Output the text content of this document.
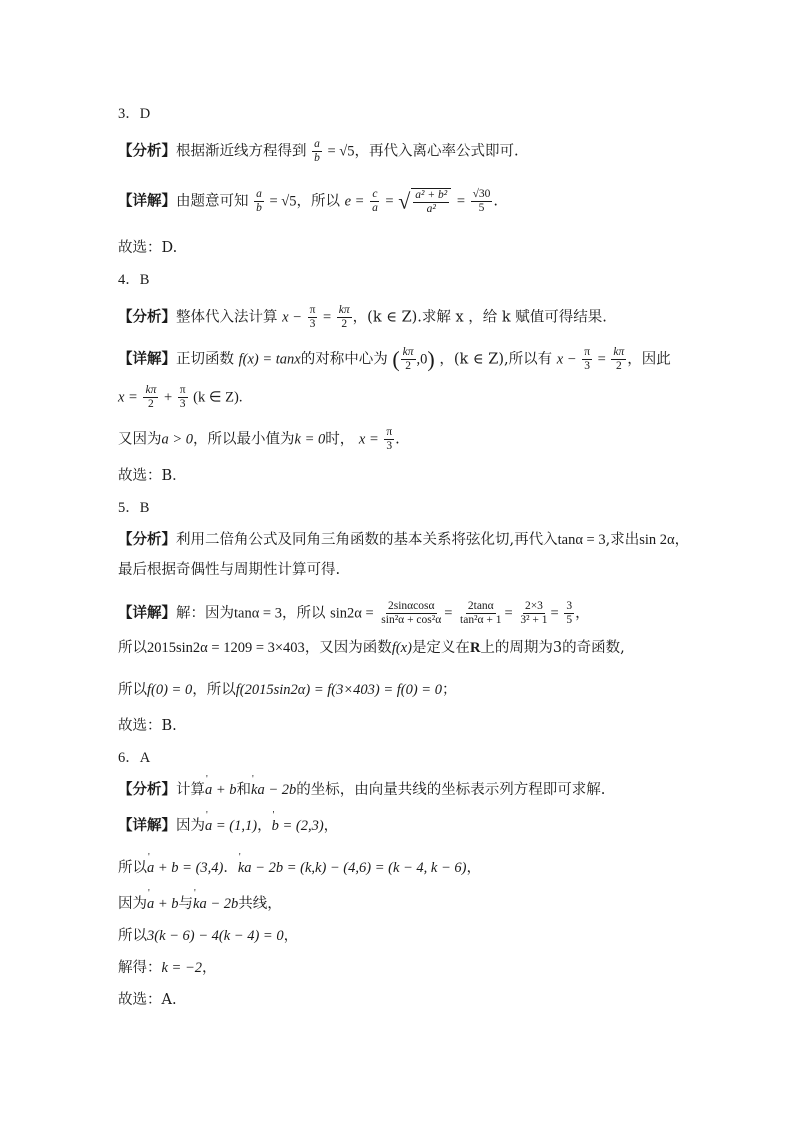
3．D
【分析】根据渐近线方程得到 $\frac{a}{b} = √5$，再代入离心率公式即可.
【详解】由题意可知 $\frac{a}{b} = √5$，所以 $e = \frac{c}{a}$ = √ $\frac{\text{a² + b²}}{\text{a²}} = \frac{√30}{5}$ .
故选：D.
4．B
【分析】整体代入法计算 $x - \frac{\pi}{3} = \frac{k\pi}{2}$ ，(k ∈ Z).求解 x ，给 k 赋值可得结果.
【详解】正切函数 f(x) = tanx的对称中心为 ( $\frac{k\pi}{2} ,0$) ，(k ∈ Z),所以有 $x - \frac{\pi}{3} = \frac{k\pi}{2}$ ，因此
$x = \frac{k\pi}{2} + \frac{\pi}{3} (k$ ∈ Z).
又因为a > 0，所以最小值为k = 0时， $x = \frac{\pi}{3}$ .
故选：B．
5．B
【分析】利用二倍角公式及同角三角函数的基本关系将弦化切,再代入tanα = 3,求出sin 2α，
最后根据奇偶性与周期性计算可得.
【详解】解：因为tanα = 3，所以 $\sin 2\alpha = \frac{2\sin\alpha\cos\alpha}{\text{sin²α + cos²α}} = \frac{2\tan\alpha}{\text{tan²α + 1}} = \frac{2\times 3}{\text{3² + 1}} = \frac{3}{5}$ ，
所以2015sin2α = 1209 = 3×403，又因为函数f(x)是定义在R上的周期为3的奇函数,
所以f(0) = 0，所以f(2015sin2α) = f(3×403) = f(0) = 0；
故选：B.
6．A
【分析】计算' a + b和' ka − 2b的坐标，由向量共线的坐标表示列方程即可求解.
【详解】因为' a = (1,1)，' b = (2,3)，
所以' a + b = (3,4)．' ka − 2b = (k,k) − (4,6) = (k − 4, k − 6)，
因为' a + b与' ka − 2b共线，
所以3(k − 6) − 4(k − 4) = 0，
解得：k = −2，
故选：A.
